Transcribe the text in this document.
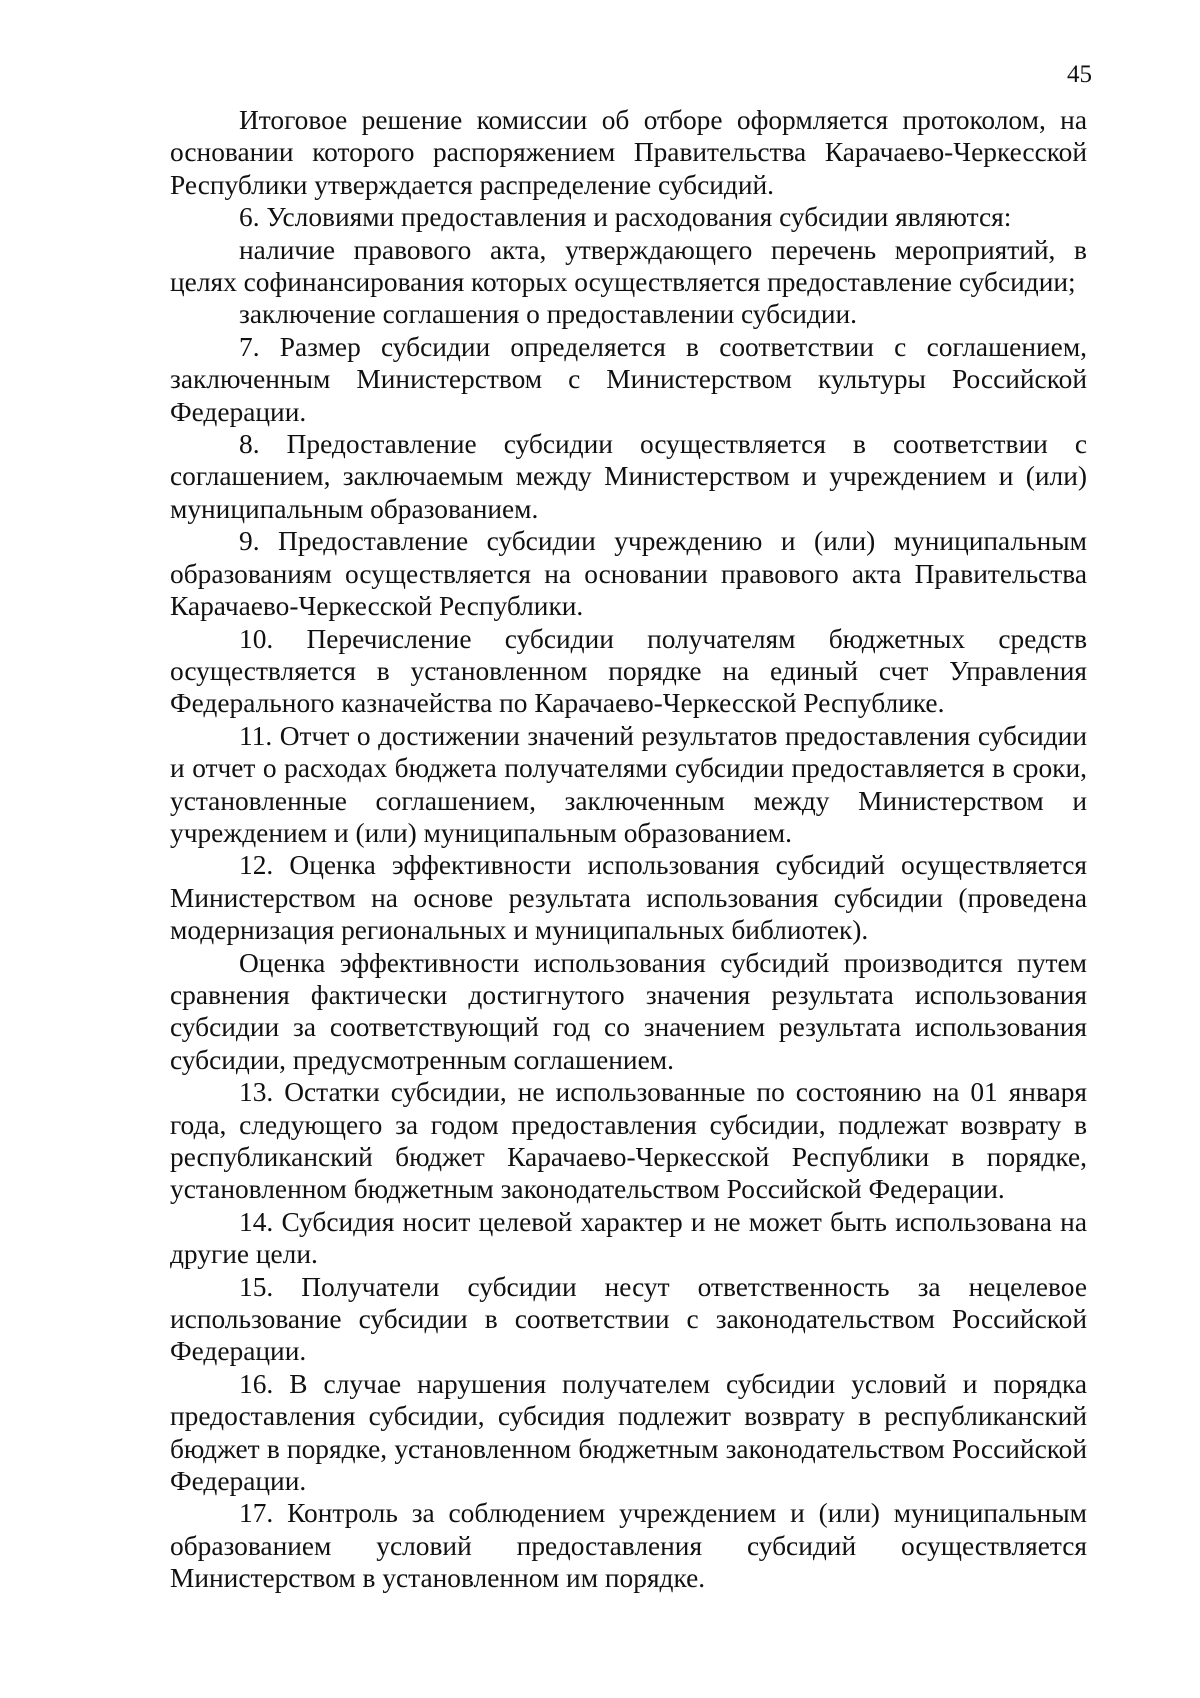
45

Итоговое решение комиссии об отборе оформляется протоколом, на основании которого распоряжением Правительства Карачаево-Черкесской Республики утверждается распределение субсидий.

6. Условиями предоставления и расходования субсидии являются:

наличие правового акта, утверждающего перечень мероприятий, в целях софинансирования которых осуществляется предоставление субсидии;

заключение соглашения о предоставлении субсидии.

7. Размер субсидии определяется в соответствии с соглашением, заключенным Министерством с Министерством культуры Российской Федерации.

8. Предоставление субсидии осуществляется в соответствии с соглашением, заключаемым между Министерством и учреждением и (или) муниципальным образованием.

9. Предоставление субсидии учреждению и (или) муниципальным образованиям осуществляется на основании правового акта Правительства Карачаево-Черкесской Республики.

10. Перечисление субсидии получателям бюджетных средств осуществляется в установленном порядке на единый счет Управления Федерального казначейства по Карачаево-Черкесской Республике.

11. Отчет о достижении значений результатов предоставления субсидии и отчет о расходах бюджета получателями субсидии предоставляется в сроки, установленные соглашением, заключенным между Министерством и учреждением и (или) муниципальным образованием.

12. Оценка эффективности использования субсидий осуществляется Министерством на основе результата использования субсидии (проведена модернизация региональных и муниципальных библиотек).

Оценка эффективности использования субсидий производится путем сравнения фактически достигнутого значения результата использования субсидии за соответствующий год со значением результата использования субсидии, предусмотренным соглашением.

13. Остатки субсидии, не использованные по состоянию на 01 января года, следующего за годом предоставления субсидии, подлежат возврату в республиканский бюджет Карачаево-Черкесской Республики в порядке, установленном бюджетным законодательством Российской Федерации.

14. Субсидия носит целевой характер и не может быть использована на другие цели.

15. Получатели субсидии несут ответственность за нецелевое использование субсидии в соответствии с законодательством Российской Федерации.

16. В случае нарушения получателем субсидии условий и порядка предоставления субсидии, субсидия подлежит возврату в республиканский бюджет в порядке, установленном бюджетным законодательством Российской Федерации.

17. Контроль за соблюдением учреждением и (или) муниципальным образованием условий предоставления субсидий осуществляется Министерством в установленном им порядке.
